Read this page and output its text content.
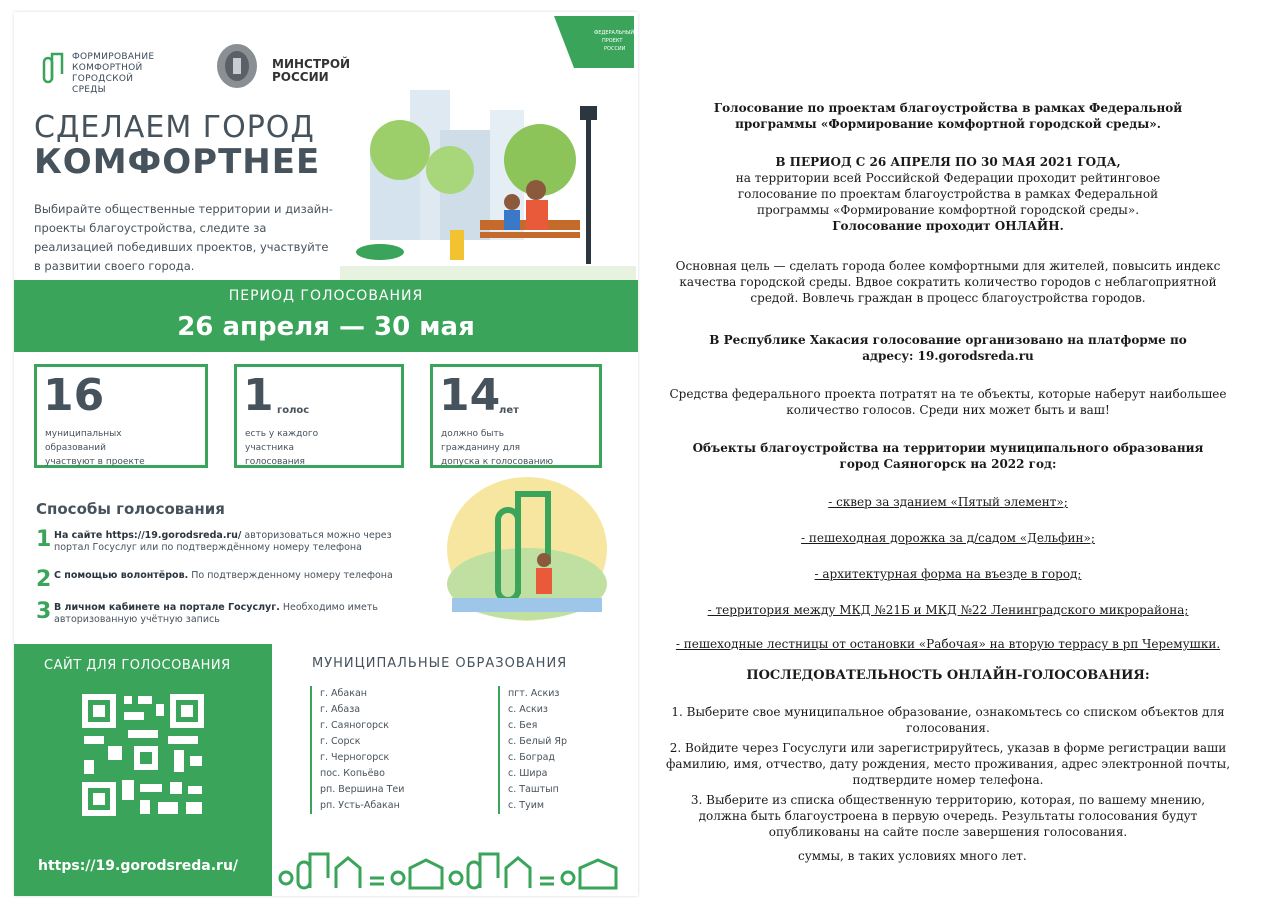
ФОРМИРОВАНИЕ
КОМФОРТНОЙ
ГОРОДСКОЙ СРЕДЫ
МИНСТРОЙ
РОССИИ
ФЕДЕРАЛЬНЫЙ
ПРОЕКТ
РОССИИ
СДЕЛАЕМ ГОРОД
КОМФОРТНЕЕ
Выбирайте общественные территории и дизайн-проекты благоустройства, следите за реализацией победивших проектов, участвуйте в развитии своего города.
ПЕРИОД ГОЛОСОВАНИЯ
26 апреля — 30 мая
16
муниципальных
образований
участвуют в проекте
1 голос
есть у каждого
участника
голосования
14
лет
должно быть
гражданину для
допуска к голосованию
Способы голосования
1 На сайте https://19.gorodsreda.ru/ авторизоваться можно через портал Госуслуг или по подтверждённому номеру телефона
2 С помощью волонтёров. По подтвержденному номеру телефона
3 В личном кабинете на портале Госуслуг. Необходимо иметь авторизованную учётную запись
САЙТ ДЛЯ ГОЛОСОВАНИЯ
https://19.gorodsreda.ru/
МУНИЦИПАЛЬНЫЕ ОБРАЗОВАНИЯ
г. Абакан
г. Абаза
г. Саяногорск
г. Сорск
г. Черногорск
пос. Копьёво
рп. Вершина Теи
рп. Усть-Абакан
пгт. Аскиз
с. Аскиз
с. Бея
с. Белый Яр
с. Боград
с. Шира
с. Таштып
с. Туим
Голосование по проектам благоустройства в рамках Федеральной программы «Формирование комфортной городской среды».
В ПЕРИОД С 26 АПРЕЛЯ ПО 30 МАЯ 2021 ГОДА,
на территории всей Российской Федерации проходит рейтинговое голосование по проектам благоустройства в рамках Федеральной программы «Формирование комфортной городской среды».
Голосование проходит ОНЛАЙН.
Основная цель — сделать города более комфортными для жителей, повысить индекс качества городской среды. Вдвое сократить количество городов с неблагоприятной средой. Вовлечь граждан в процесс благоустройства городов.
В Республике Хакасия голосование организовано на платформе по адресу: 19.gorodsreda.ru
Средства федерального проекта потратят на те объекты, которые наберут наибольшее количество голосов. Среди них может быть и ваш!
Объекты благоустройства на территории муниципального образования город Саяногорск на 2022 год:
- сквер за зданием «Пятый элемент»;
- пешеходная дорожка за д/садом «Дельфин»;
- архитектурная форма на въезде в город;
- территория между МКД №21Б и МКД №22 Ленинградского микрорайона;
- пешеходные лестницы от остановки «Рабочая» на вторую террасу в рп Черемушки.
ПОСЛЕДОВАТЕЛЬНОСТЬ ОНЛАЙН-ГОЛОСОВАНИЯ:
1. Выберите свое муниципальное образование, ознакомьтесь со списком объектов для голосования.
2. Войдите через Госуслуги или зарегистрируйтесь, указав в форме регистрации ваши фамилию, имя, отчество, дату рождения, место проживания, адрес электронной почты, подтвердите номер телефона.
3. Выберите из списка общественную территорию, которая, по вашему мнению, должна быть благоустроена в первую очередь. Результаты голосования будут опубликованы на сайте после завершения голосования.
суммы, в таких условиях много лет.
